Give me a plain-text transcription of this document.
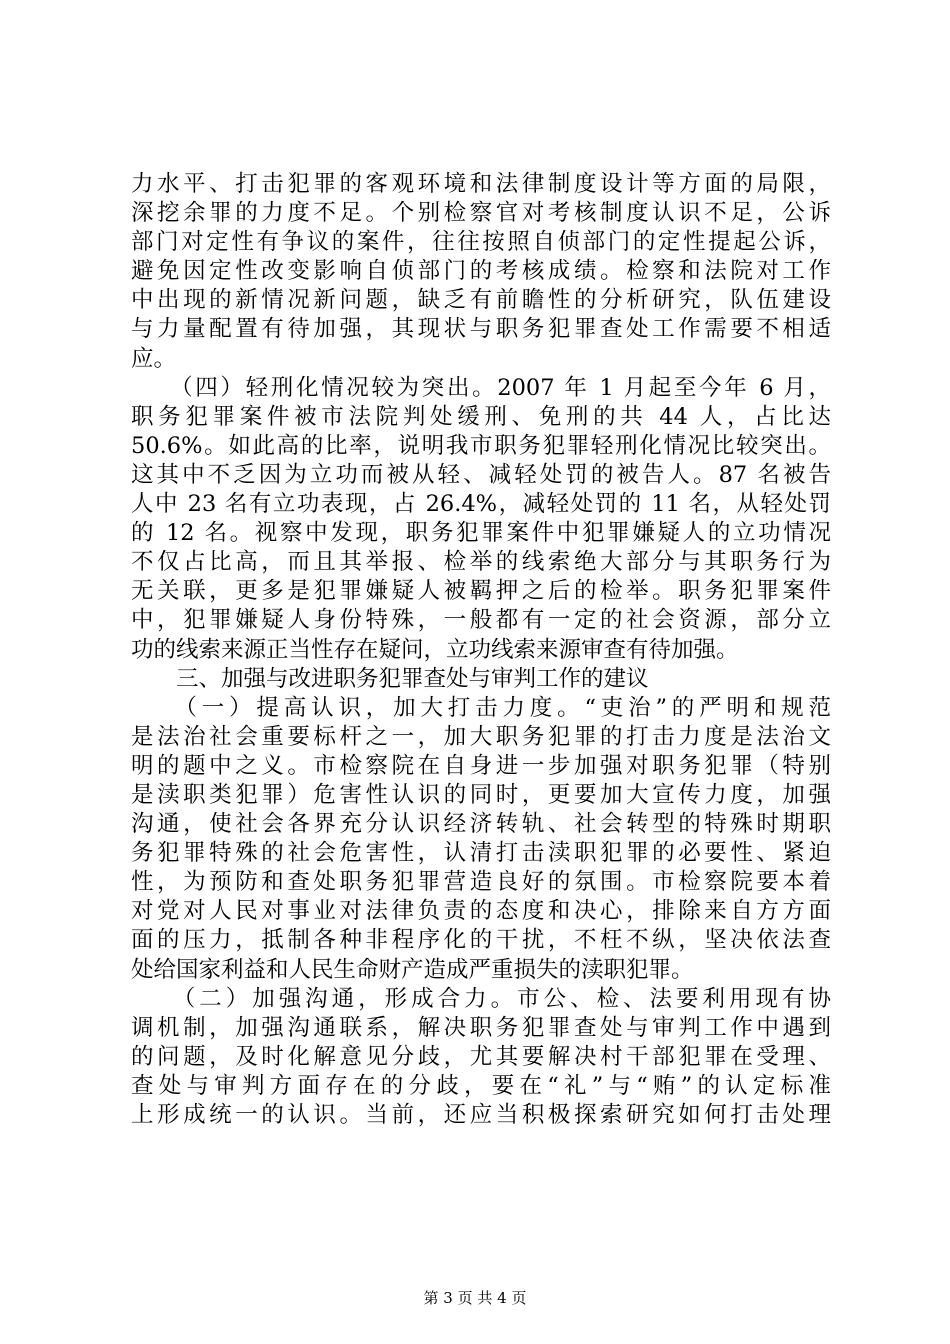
力水平、打击犯罪的客观环境和法律制度设计等方面的局限，
深挖余罪的力度不足。个别检察官对考核制度认识不足，公诉
部门对定性有争议的案件，往往按照自侦部门的定性提起公诉，
避免因定性改变影响自侦部门的考核成绩。检察和法院对工作
中出现的新情况新问题，缺乏有前瞻性的分析研究，队伍建设
与力量配置有待加强，其现状与职务犯罪查处工作需要不相适
应。
　　（四）轻刑化情况较为突出。2007 年 1 月起至今年 6 月，
职务犯罪案件被市法院判处缓刑、免刑的共 44 人，占比达
50.6%。如此高的比率，说明我市职务犯罪轻刑化情况比较突出。
这其中不乏因为立功而被从轻、减轻处罚的被告人。87 名被告
人中 23 名有立功表现，占 26.4%，减轻处罚的 11 名，从轻处罚
的 12 名。视察中发现，职务犯罪案件中犯罪嫌疑人的立功情况
不仅占比高，而且其举报、检举的线索绝大部分与其职务行为
无关联，更多是犯罪嫌疑人被羁押之后的检举。职务犯罪案件
中，犯罪嫌疑人身份特殊，一般都有一定的社会资源，部分立
功的线索来源正当性存在疑问，立功线索来源审查有待加强。
　　三、加强与改进职务犯罪查处与审判工作的建议
　　（一）提高认识，加大打击力度。“吏治”的严明和规范
是法治社会重要标杆之一，加大职务犯罪的打击力度是法治文
明的题中之义。市检察院在自身进一步加强对职务犯罪（特别
是渎职类犯罪）危害性认识的同时，更要加大宣传力度，加强
沟通，使社会各界充分认识经济转轨、社会转型的特殊时期职
务犯罪特殊的社会危害性，认清打击渎职犯罪的必要性、紧迫
性，为预防和查处职务犯罪营造良好的氛围。市检察院要本着
对党对人民对事业对法律负责的态度和决心，排除来自方方面
面的压力，抵制各种非程序化的干扰，不枉不纵，坚决依法查
处给国家利益和人民生命财产造成严重损失的渎职犯罪。
　　（二）加强沟通，形成合力。市公、检、法要利用现有协
调机制，加强沟通联系，解决职务犯罪查处与审判工作中遇到
的问题，及时化解意见分歧，尤其要解决村干部犯罪在受理、
查处与审判方面存在的分歧，要在“礼”与“贿”的认定标准
上形成统一的认识。当前，还应当积极探索研究如何打击处理
第 3 页 共 4 页
